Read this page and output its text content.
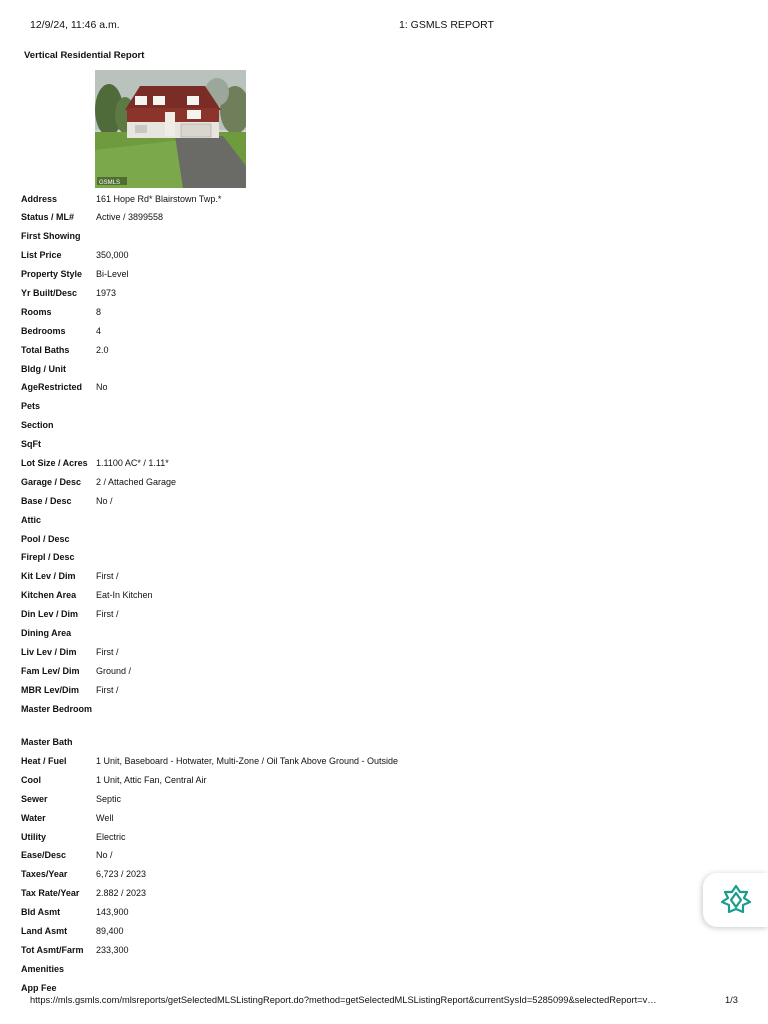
12/9/24, 11:46 a.m.	1: GSMLS REPORT
Vertical Residential Report
GSMLS
Address	161 Hope Rd* Blairstown Twp.*
Status / ML#	Active / 3899558
First Showing
List Price	350,000
Property Style	Bi-Level
Yr Built/Desc	1973
Rooms	8
Bedrooms	4
Total Baths	2.0
Bldg / Unit
AgeRestricted	No
Pets
Section
SqFt
Lot Size / Acres 1.1100 AC* / 1.11*
Garage / Desc	2 / Attached Garage
Base / Desc	No /
Attic
Pool / Desc
Firepl / Desc
Kit Lev / Dim	First /
Kitchen Area	Eat-In Kitchen
Din Lev / Dim	First /
Dining Area
Liv Lev / Dim	First /
Fam Lev/ Dim	Ground /
MBR Lev/Dim	First /
Master Bedroom
Master Bath
Heat / Fuel	1 Unit, Baseboard - Hotwater, Multi-Zone / Oil Tank Above Ground - Outside
Cool	1 Unit, Attic Fan, Central Air
Sewer	Septic
Water	Well
Utility	Electric
Ease/Desc	No /
Taxes/Year	6,723 / 2023
Tax Rate/Year	2.882 / 2023
Bld Asmt	143,900
Land Asmt	89,400
Tot Asmt/Farm	233,300
Amenities
App Fee
https://mls.gsmls.com/mlsreports/getSelectedMLSListingReport.do?method=getSelectedMLSListingReport&currentSysId=5285099&selectedReport=v…	1/3
